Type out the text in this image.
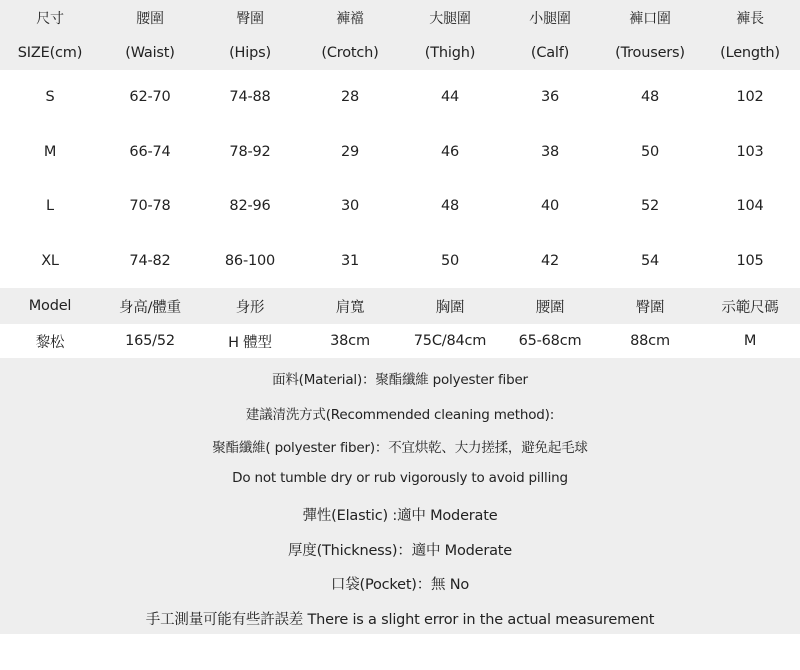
尺寸	腰圍	臀圍	褲襠	大腿圍	小腿圍	褲口圍	褲長
SIZE(cm)	(Waist)	(Hips)	(Crotch)	(Thigh)	(Calf)	(Trousers)	(Length)
S	62-70	74-88	28	44	36	48	102
M	66-74	78-92	29	46	38	50	103
L	70-78	82-96	30	48	40	52	104
XL	74-82	86-100	31	50	42	54	105
Model	身高/體重	身形	肩寬	胸圍	腰圍	臀圍	示範尺碼
黎松	165/52	H 體型	38cm	75C/84cm	65-68cm	88cm	M
面料(Material)：聚酯纖維 polyester fiber
建議清洗方式(Recommended cleaning method):
聚酯纖維( polyester fiber)：不宜烘乾、大力搓揉，避免起毛球
Do not tumble dry or rub vigorously to avoid pilling
彈性(Elastic) :適中 Moderate
厚度(Thickness)：適中 Moderate
口袋(Pocket)：無 No
手工測量可能有些許誤差 There is a slight error in the actual measurement
